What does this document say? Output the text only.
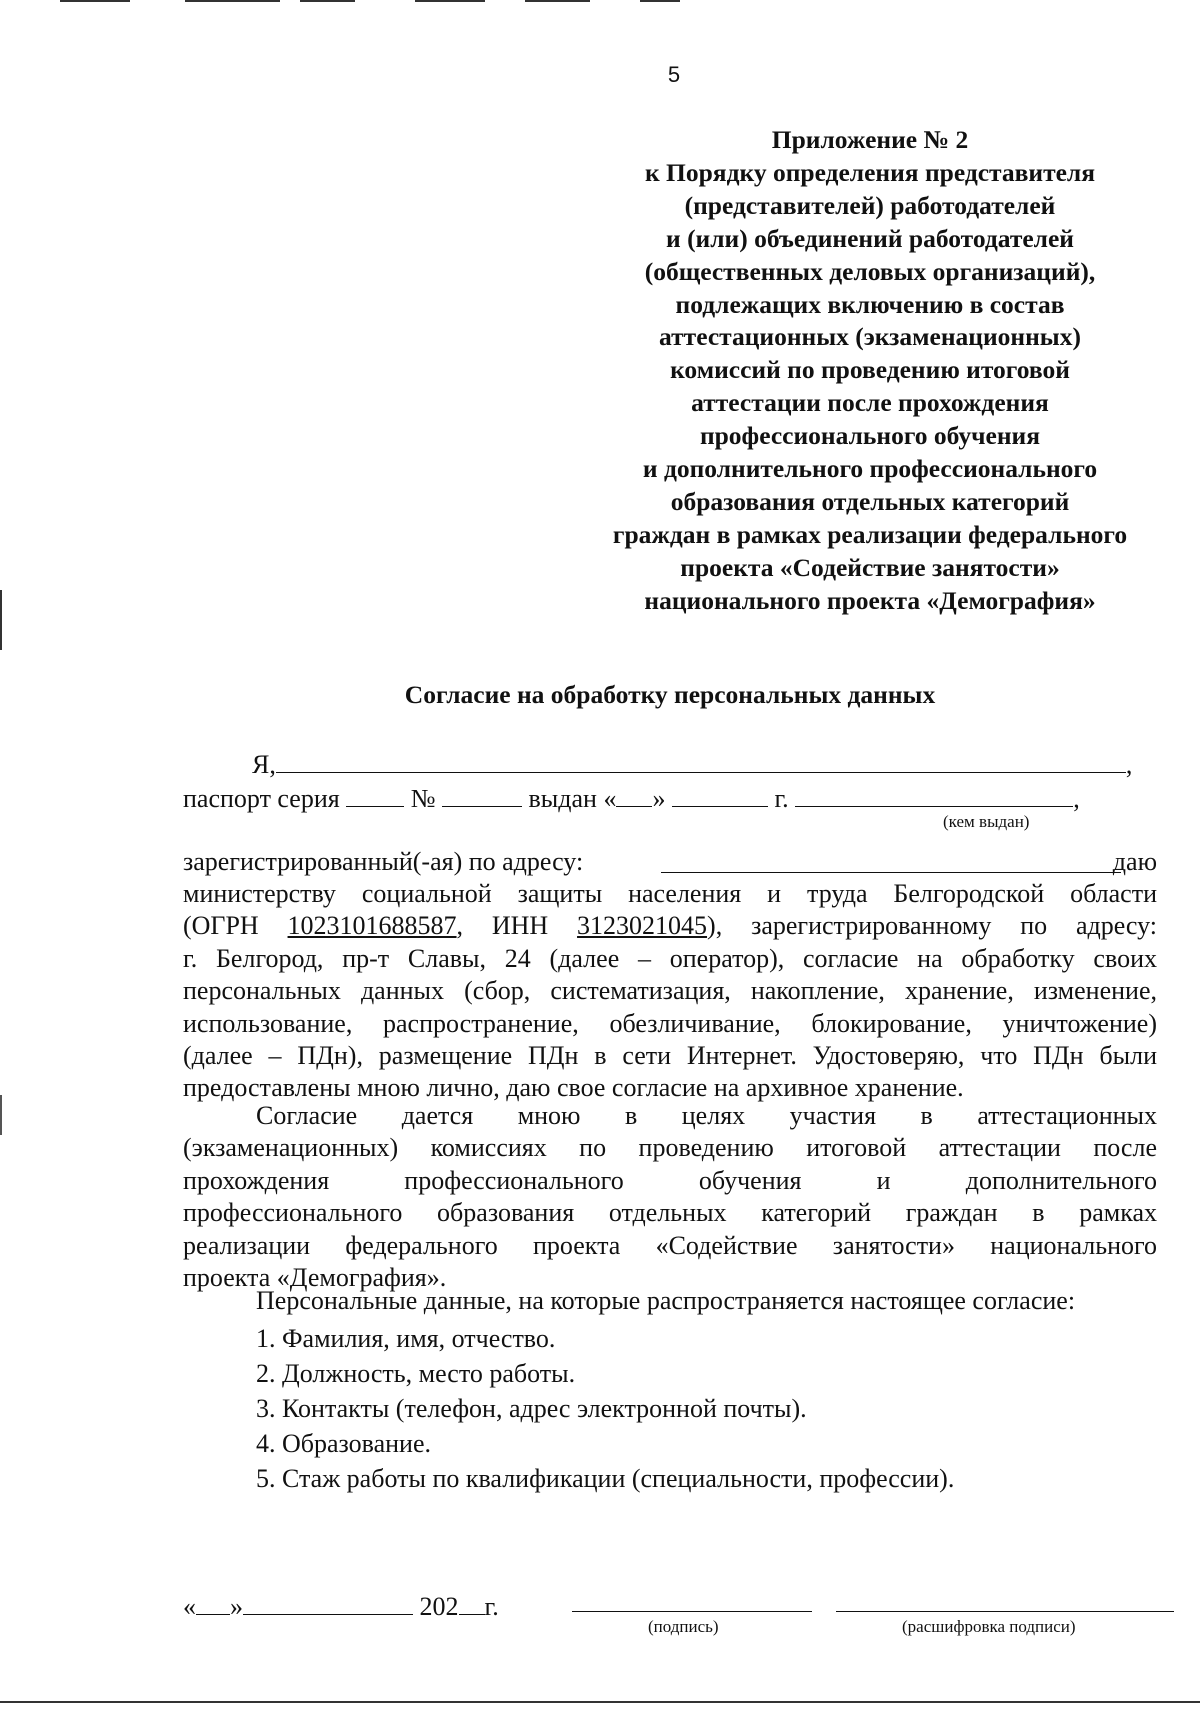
5
Приложение № 2
к Порядку определения представителя
(представителей) работодателей
и (или) объединений работодателей
(общественных деловых организаций),
подлежащих включению в состав
аттестационных (экзаменационных)
комиссий по проведению итоговой
аттестации после прохождения
профессионального обучения
и дополнительного профессионального
образования отдельных категорий
граждан в рамках реализации федерального
проекта «Содействие занятости»
национального проекта «Демография»
Согласие на обработку персональных данных
Я,	,
паспорт серия	№	выдан « »	г.	,
(кем выдан)
зарегистрированный(-ая) по адресу:	даю
министерству социальной защиты населения и труда Белгородской области
(ОГРН 1023101688587, ИНН 3123021045), зарегистрированному по адресу:
г. Белгород, пр-т Славы, 24 (далее – оператор), согласие на обработку своих
персональных данных (сбор, систематизация, накопление, хранение, изменение,
использование, распространение, обезличивание, блокирование, уничтожение)
(далее – ПДн), размещение ПДн в сети Интернет. Удостоверяю, что ПДн были
предоставлены мною лично, даю свое согласие на архивное хранение.
Согласие дается мною в целях участия в аттестационных
(экзаменационных) комиссиях по проведению итоговой аттестации после
прохождения профессионального обучения и дополнительного
профессионального образования отдельных категорий граждан в рамках
реализации федерального проекта «Содействие занятости» национального
проекта «Демография».
Персональные данные, на которые распространяется настоящее согласие:
1. Фамилия, имя, отчество.
2. Должность, место работы.
3. Контакты (телефон, адрес электронной почты).
4. Образование.
5. Стаж работы по квалификации (специальности, профессии).
« »	202 г.
(подпись)	(расшифровка подписи)
